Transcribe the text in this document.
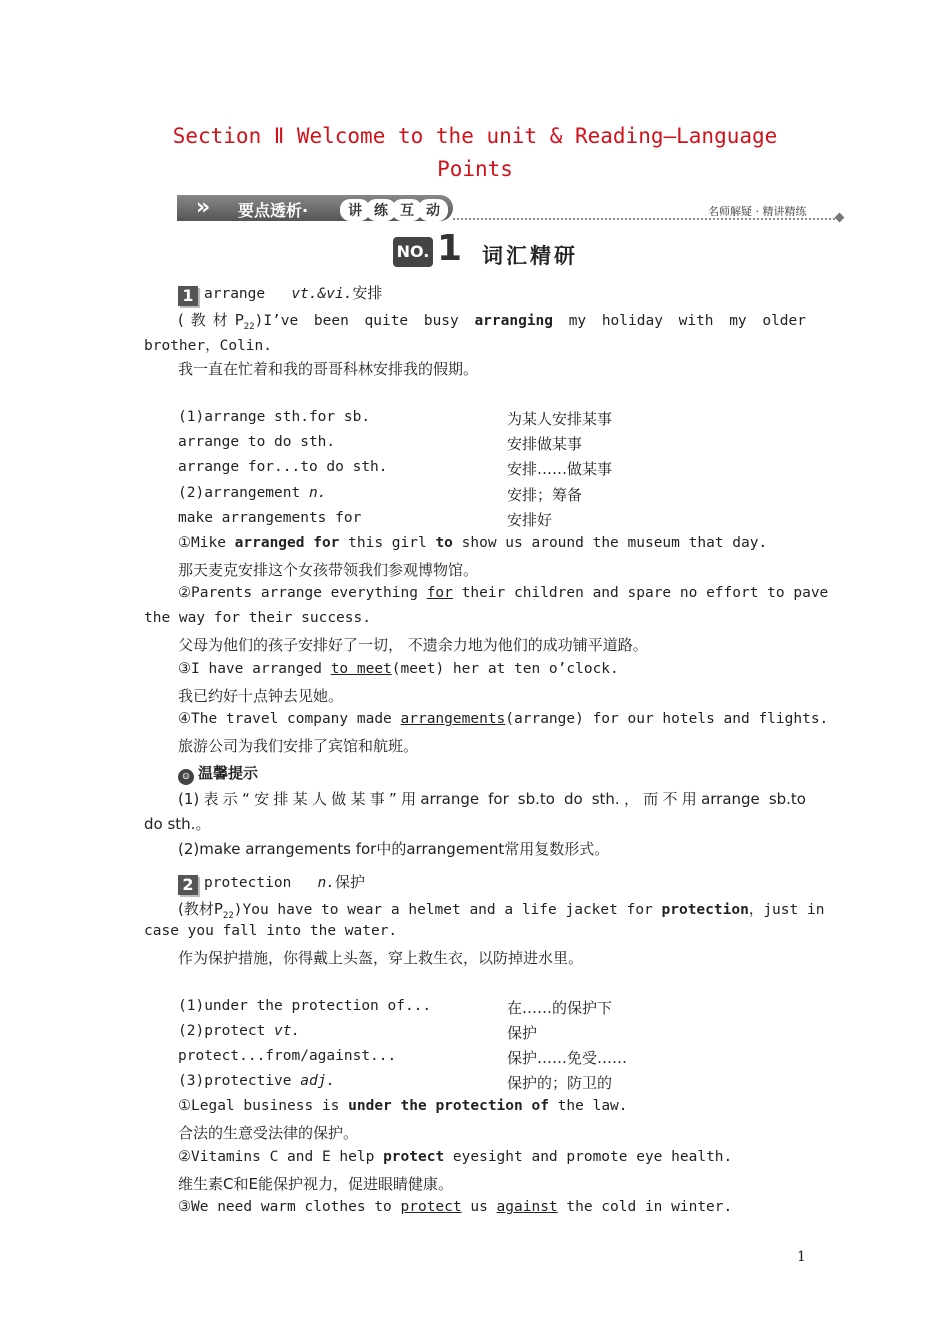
Section Ⅱ Welcome to the unit & Reading—Language
Points
» 要点透析·	讲 练 互 动	名师解疑 · 精讲精练
NO. 1 词汇精研
1 arrange vt.&vi.安排
(教材$P_{22})I’ve$ been quite busy arranging my holiday with my older
brother，Colin.
我一直在忙着和我的哥哥科林安排我的假期。
(1)arrange sth.for sb.	为某人安排某事
arrange to do sth.	安排做某事
arrange for...to do sth.	安排……做某事
(2)arrangement n.	安排；筹备
make arrangements for	安排好
①Mike arranged for this girl to show us around the museum that day.
那天麦克安排这个女孩带领我们参观博物馆。
②Parents arrange everything for their children and spare no effort to pave
the way for their success.
父母为他们的孩子安排好了一切， 不遗余力地为他们的成功铺平道路。
③I have arranged to meet(meet) her at ten o’clock.
我已约好十点钟去见她。
④The travel company made arrangements(arrange) for our hotels and flights.
旅游公司为我们安排了宾馆和航班。
☺ 温馨提示
(1)表示“安排某人做某事”用arrange for sb.to do sth.，而不用arrange sb.to
do sth.。
(2)make arrangements for中的arrangement常用复数形式。
2 protection n.保护
(教材$P_{22})You$ have to wear a helmet and a life jacket for protection，just in
case you fall into the water.
作为保护措施，你得戴上头盔，穿上救生衣，以防掉进水里。
(1)under the protection of...	在……的保护下
(2)protect vt.	保护
protect...from/against...	保护……免受……
(3)protective adj.	保护的；防卫的
①Legal business is under the protection of the law.
合法的生意受法律的保护。
②Vitamins C and E help protect eyesight and promote eye health.
维生素C和E能保护视力，促进眼睛健康。
③We need warm clothes to protect us against the cold in winter.
1
